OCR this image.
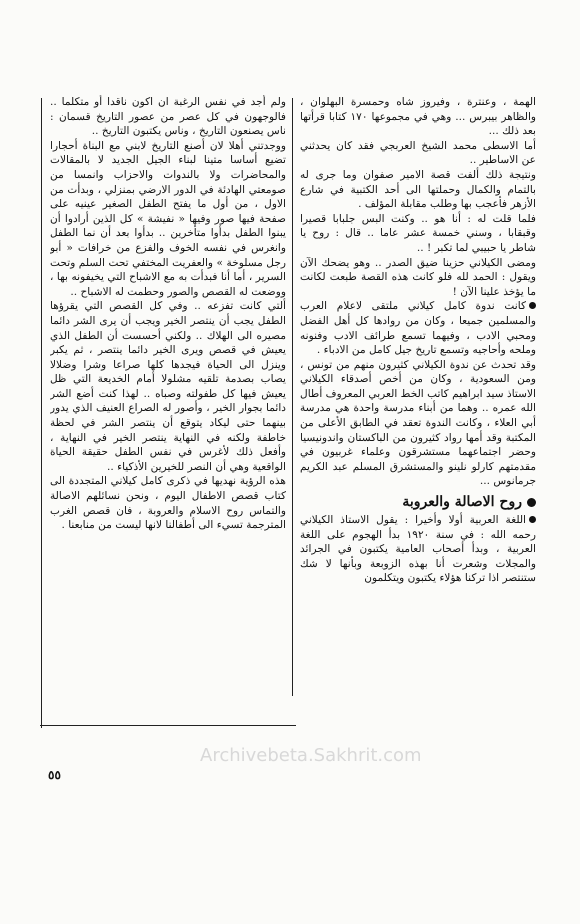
الهمة ، وعنترة ، وفيروز شاه وحمسرة البهلوان ، والظاهر بيبرس ... وهي في مجموعها ١٧٠ كتابا قرأتها بعد ذلك ...

أما الاسطى محمد الشيخ العربجي فقد كان يحدثني عن الاساطير ..

ونتيجة ذلك ألفت قصة الامير صفوان وما جرى له بالتمام والكمال وحملتها الى أحد الكتبية في شارع الأزهر فأعجب بها وطلب مقابلة المؤلف .

فلما قلت له : أنا هو .. وكنت البس جلبابا قصيرا وقبقابا ، وسني خمسة عشر عاما .. قال : روح يا شاطر يا حبيبي لما تكبر ! ..

ومضى الكيلاني حزينا ضيق الصدر .. وهو يضحك الآن ويقول : الحمد لله فلو كانت هذه القصة طبعت لكانت ما يؤخذ علينا الآن !

كانت ندوة كامل كيلاني ملتقى لاعلام العرب والمسلمين جميعا ، وكان من روادها كل أهل الفضل ومحبي الادب ، وفيهما تسمع طرائف الادب وفنونه وملحه وأحاجيه وتسمع تاريخ جيل كامل من الادباء .

وقد تحدث عن ندوة الكيلاني كثيرون منهم من تونس ، ومن السعودية ، وكان من أخص أصدقاء الكيلاني الاستاذ سيد ابراهيم كاتب الخط العربي المعروف أطال الله عمره .. وهما من أبناء مدرسة واحدة هي مدرسة أبي العلاء ، وكانت الندوة تعقد في الطابق الأعلى من المكتبة وقد أمها رواد كثيرون من الباكستان واندونيسيا وحضر اجتماعهما مستشرقون وعلماء غربيون في مقدمتهم كارلو نلينو والمستشرق المسلم عبد الكريم جرمانوس ...

روح الاصالة والعروبة

اللغة العربية أولا وأخيرا : يقول الاستاذ الكيلاني رحمه الله : في سنة ١٩٢٠ بدأ الهجوم على اللغة العربية ، وبدأ أصحاب العامية يكتبون في الجرائد والمجلات وشعرت أنا بهذه الزوبعة وبأنها لا شك ستنتصر اذا تركنا هؤلاء يكتبون ويتكلمون

ولم أجد في نفس الرغبة ان اكون ناقدا أو متكلما .. فالوجهون في كل عصر من عصور التاريخ قسمان : ناس يصنعون التاريخ ، وناس يكتبون التاريخ ..

ووجدتني أهلا لان أصنع التاريخ لابني مع البناة أحجارا تضيع أساسا متينا لبناء الجيل الجديد لا بالمقالات والمحاضرات ولا بالندوات والاحزاب وانمسا من صومعتي الهادئة في الدور الارضي بمنزلي ، وبدأت من الاول ، من أول ما يفتح الطفل الصغير عينيه على صفحة فيها صور وفيها « نفيشة » كل الذين أرادوا أن يبنوا الطفل بدأوا متأخرين .. بدأوا بعد أن نما الطفل وانغرس في نفسه الخوف والفزع من خرافات « أبو رجل مسلوخة » والعفريت المختفي تحت السلم وتحت السرير ، أما أنا فبدأت به مع الاشباح التي يخيفونه بها ، ووضعت له القصص والصور وحطمت له الاشباح ..

ألتي كانت تفزعه .. وفي كل القصص التي يقرؤها الطفل يجب أن ينتصر الخير ويجب أن يرى الشر دائما مصيره الى الهلاك .. ولكني أحسست أن الطفل الذي يعيش في قصص ويرى الخير دائما ينتصر ، ثم يكبر وينزل الى الحياة فيجدها كلها صراعا وشرا وضلالا يصاب بصدمة تلقيه مشلولا أمام الخديعة التي ظل يعيش فيها كل طفولته وصباه .. لهذا كنت أضع الشر دائما بجوار الخير ، وأصور له الصراع العنيف الذي يدور بينهما حتى ليكاد يتوقع أن ينتصر الشر في لحظة خاطفة ولكنه في النهاية ينتصر الخير في النهاية ، وأفعل ذلك لأغرس في نفس الطفل حقيقة الحياة الواقعية وهي أن النصر للخيرين الأذكياء ..

هذه الرؤية نهديها في ذكرى كامل كيلاني المتجددة الى كتاب قصص الاطفال اليوم ، ونحن نسائلهم الاصالة والتماس روح الاسلام والعروبة ، فان قصص الغرب المترجمة تسيء الى أطفالنا لانها ليست من منابعنا .

Archivebeta.Sakhrit.com
٥٥
